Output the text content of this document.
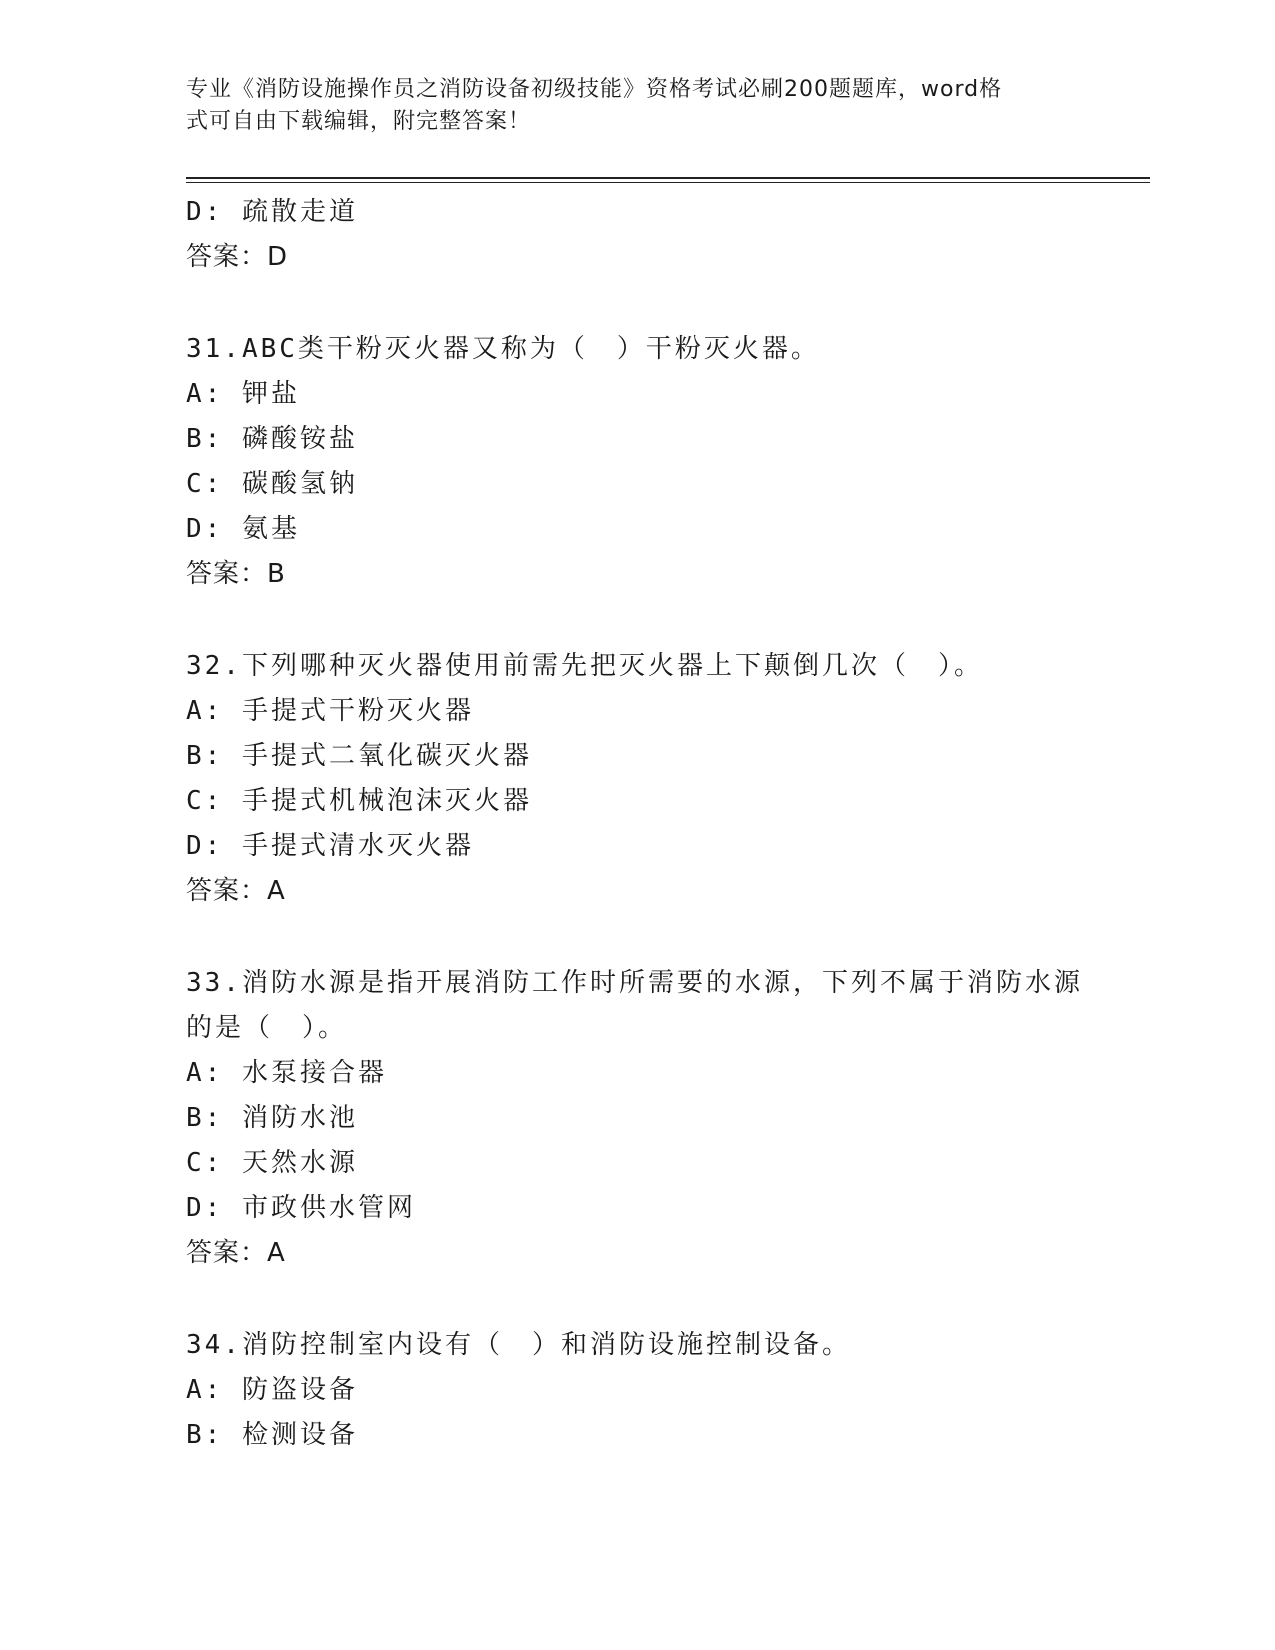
专业《消防设施操作员之消防设备初级技能》资格考试必刷200题题库，word格
式可自由下载编辑，附完整答案！
D: 疏散走道
答案：D
31.ABC类干粉灭火器又称为（　）干粉灭火器。
A: 钾盐
B: 磷酸铵盐
C: 碳酸氢钠
D: 氨基
答案：B
32.下列哪种灭火器使用前需先把灭火器上下颠倒几次（　）。
A: 手提式干粉灭火器
B: 手提式二氧化碳灭火器
C: 手提式机械泡沫灭火器
D: 手提式清水灭火器
答案：A
33.消防水源是指开展消防工作时所需要的水源，下列不属于消防水源
的是（　）。
A: 水泵接合器
B: 消防水池
C: 天然水源
D: 市政供水管网
答案：A
34.消防控制室内设有（　）和消防设施控制设备。
A: 防盗设备
B: 检测设备
